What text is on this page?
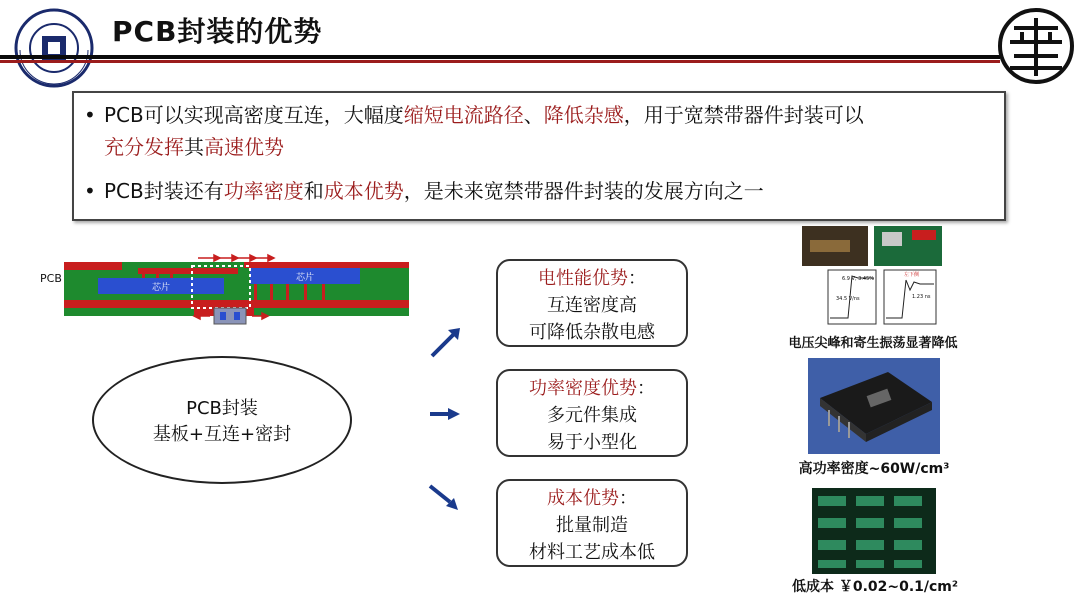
PCB封装的优势
• PCB可以实现高密度互连，大幅度缩短电流路径、降低杂感，用于宽禁带器件封装可以
充分发挥其高速优势
• PCB封装还有功率密度和成本优势，是未来宽禁带器件封装的发展方向之一
PCB
芯片
芯片
PCB封装
基板+互连+密封
电性能优势：
互连密度高
可降低杂散电感
功率密度优势：
多元件集成
易于小型化
成本优势：
批量制造
材料工艺成本低
6.9 V, 3.45%
34.5 V/ns	1.23 ns
左下侧
电压尖峰和寄生振荡显著降低
高功率密度~60W/cm³
低成本 ￥0.02~0.1/cm²
